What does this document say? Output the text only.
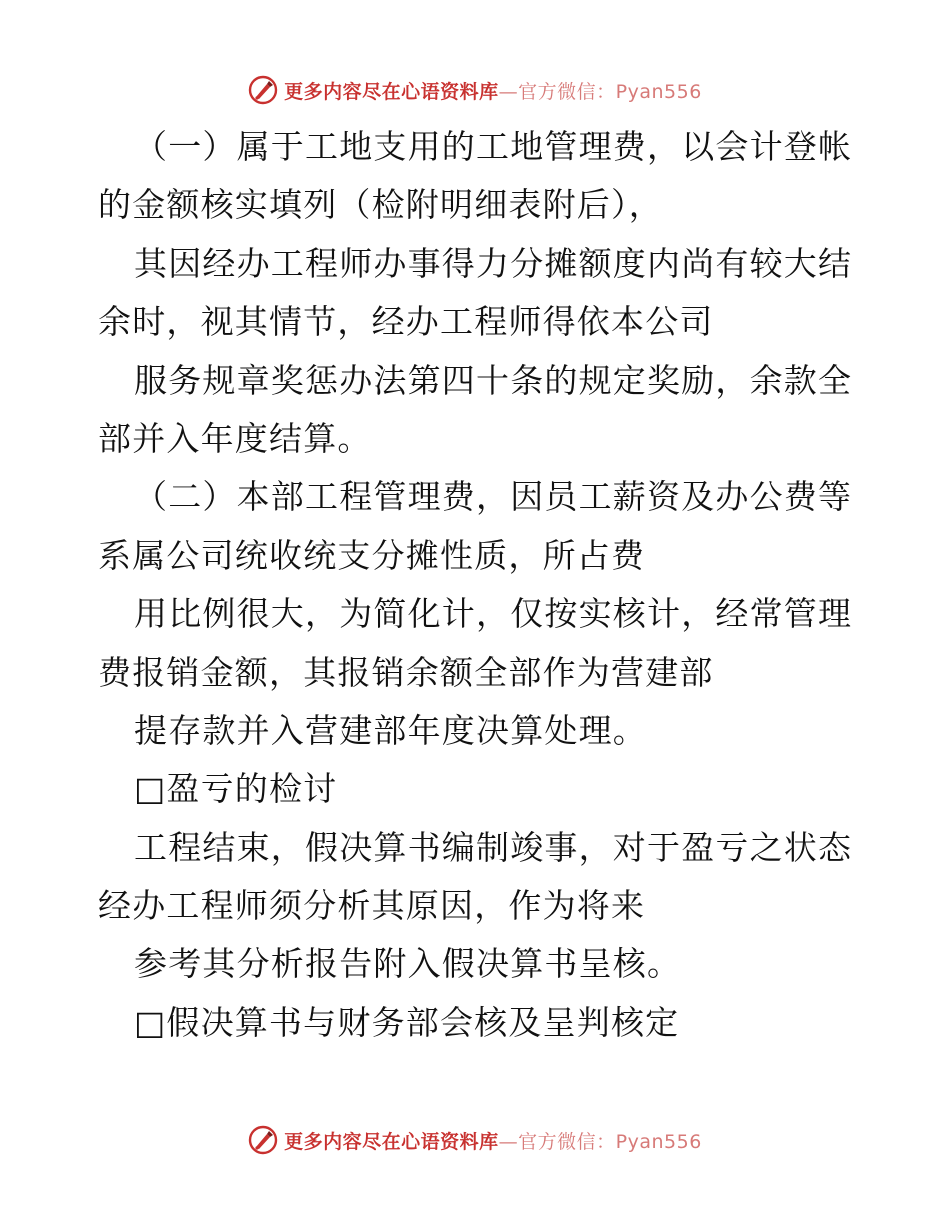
更多内容尽在心语资料库—官方微信：Pyan556
（一）属于工地支用的工地管理费，以会计登帐
的金额核实填列（检附明细表附后），
其因经办工程师办事得力分摊额度内尚有较大结
余时，视其情节，经办工程师得依本公司
服务规章奖惩办法第四十条的规定奖励，余款全
部并入年度结算。
（二）本部工程管理费，因员工薪资及办公费等
系属公司统收统支分摊性质，所占费
用比例很大，为简化计，仅按实核计，经常管理
费报销金额，其报销余额全部作为营建部
提存款并入营建部年度决算处理。
□盈亏的检讨
工程结束，假决算书编制竣事，对于盈亏之状态
经办工程师须分析其原因，作为将来
参考其分析报告附入假决算书呈核。
□假决算书与财务部会核及呈判核定
更多内容尽在心语资料库—官方微信：Pyan556
